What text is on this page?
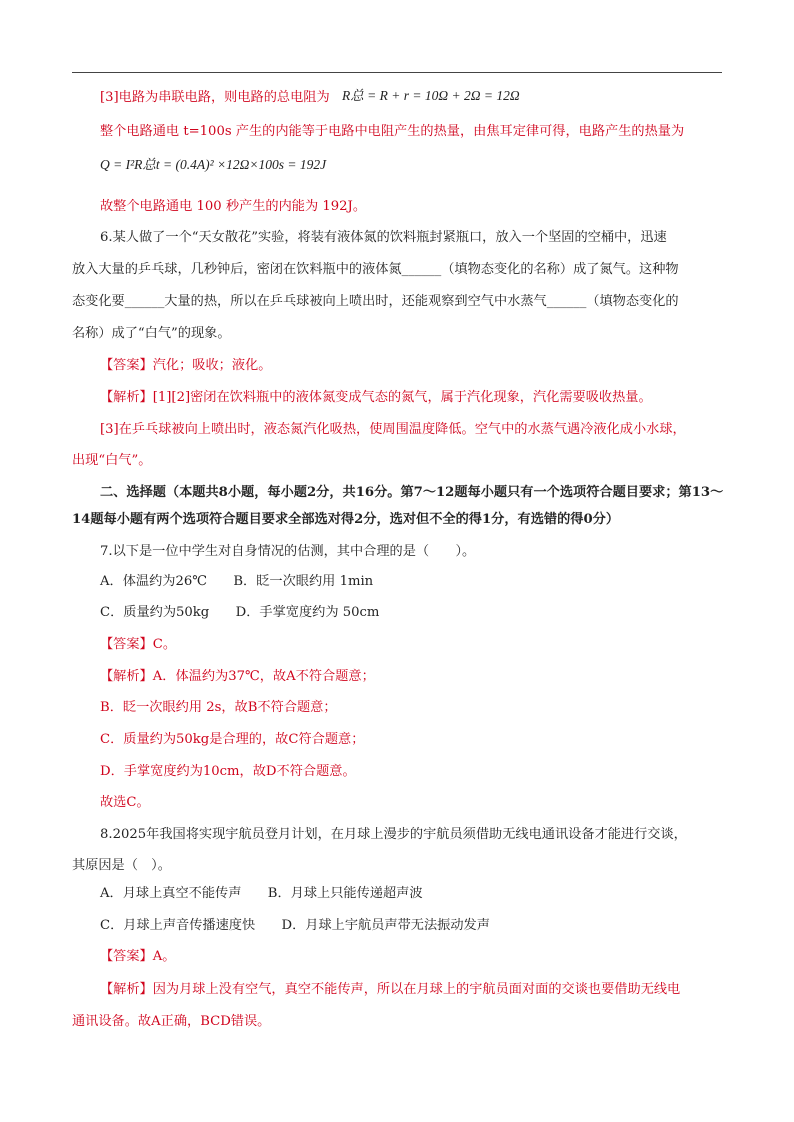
[3]电路为串联电路，则电路的总电阻为 R总 = R + r = 10Ω + 2Ω = 12Ω
整个电路通电 t=100s 产生的内能等于电路中电阻产生的热量，由焦耳定律可得，电路产生的热量为
Q = I²R总t = (0.4A)² ×12Ω×100s = 192J
故整个电路通电 100 秒产生的内能为 192J。
6.某人做了一个“天女散花”实验，将装有液体氮的饮料瓶封紧瓶口，放入一个坚固的空桶中，迅速
放入大量的乒乓球，几秒钟后，密闭在饮料瓶中的液体氮______（填物态变化的名称）成了氮气。这种物
态变化要______大量的热，所以在乒乓球被向上喷出时，还能观察到空气中水蒸气______（填物态变化的
名称）成了“白气”的现象。
【答案】汽化；吸收；液化。
【解析】[1][2]密闭在饮料瓶中的液体氮变成气态的氮气，属于汽化现象，汽化需要吸收热量。
[3]在乒乓球被向上喷出时，液态氮汽化吸热，使周围温度降低。空气中的水蒸气遇冷液化成小水球，
出现“白气”。
二、选择题（本题共8小题，每小题2分，共16分。第7～12题每小题只有一个选项符合题目要求；第13～
14题每小题有两个选项符合题目要求全部选对得2分，选对但不全的得1分，有选错的得0分）
7.以下是一位中学生对自身情况的估测，其中合理的是（　　）。
A．体温约为26℃　　B．眨一次眼约用 1min
C．质量约为50kg　　D．手掌宽度约为 50cm
【答案】C。
【解析】A．体温约为37℃，故A不符合题意；
B．眨一次眼约用 2s，故B不符合题意；
C．质量约为50kg是合理的，故C符合题意；
D．手掌宽度约为10cm，故D不符合题意。
故选C。
8.2025年我国将实现宇航员登月计划，在月球上漫步的宇航员须借助无线电通讯设备才能进行交谈，
其原因是（　）。
A．月球上真空不能传声　　B．月球上只能传递超声波
C．月球上声音传播速度快　　D．月球上宇航员声带无法振动发声
【答案】A。
【解析】因为月球上没有空气，真空不能传声，所以在月球上的宇航员面对面的交谈也要借助无线电
通讯设备。故A正确，BCD错误。
